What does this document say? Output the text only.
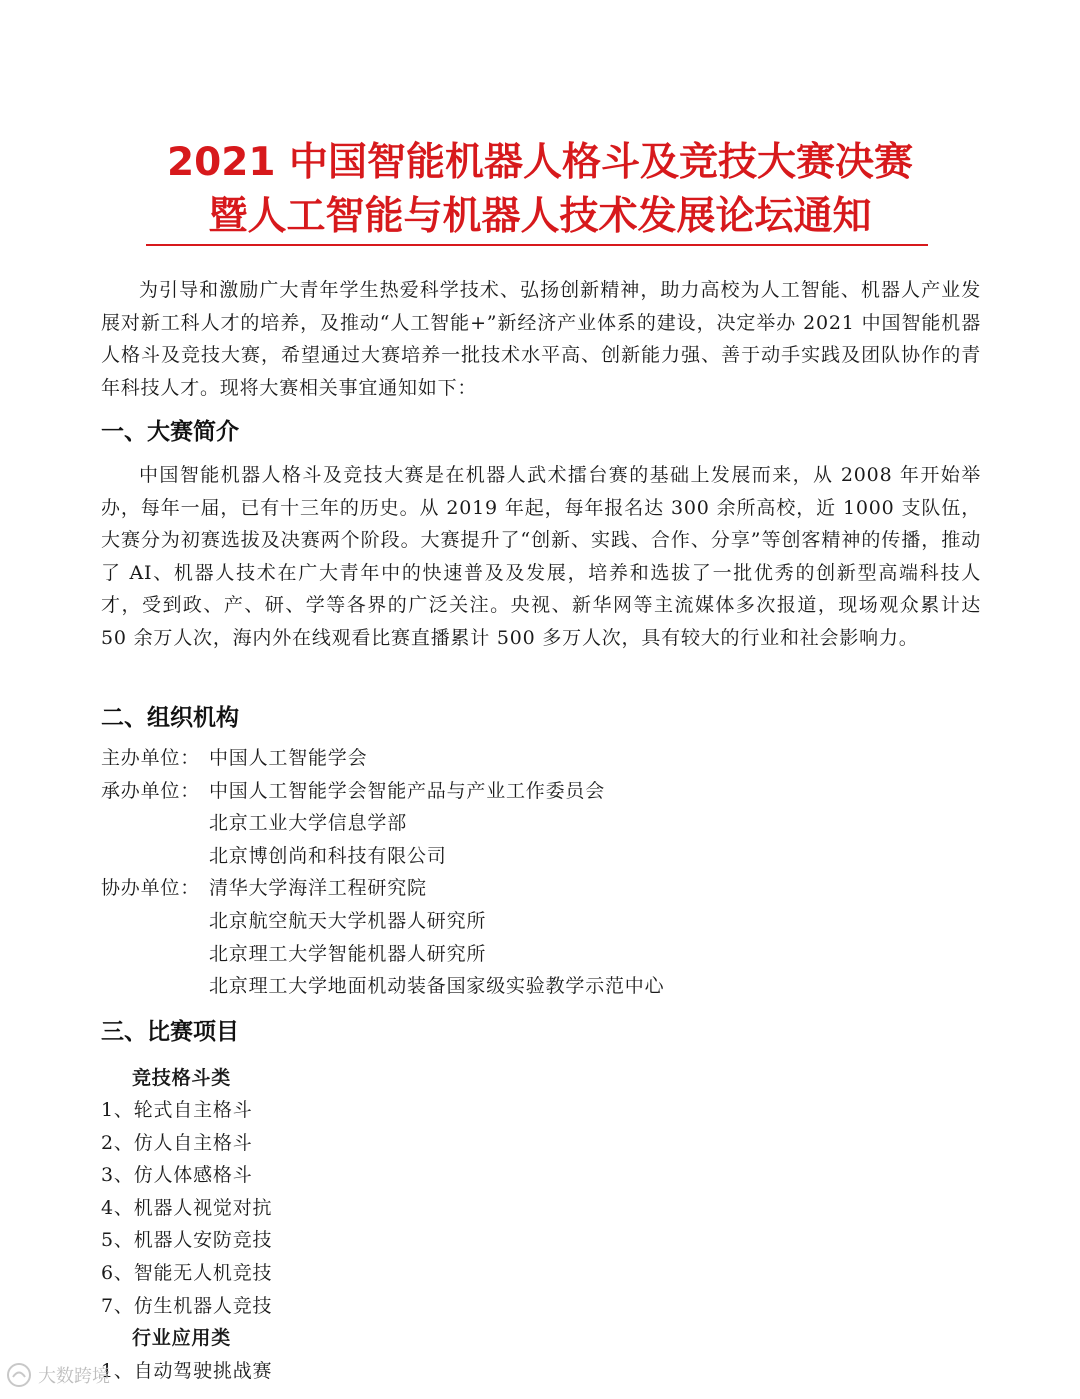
2021 中国智能机器人格斗及竞技大赛决赛
暨人工智能与机器人技术发展论坛通知

为引导和激励广大青年学生热爱科学技术、弘扬创新精神，助力高校为人工智能、机器人产业发展对新工科人才的培养，及推动“人工智能+”新经济产业体系的建设，决定举办 2021 中国智能机器人格斗及竞技大赛，希望通过大赛培养一批技术水平高、创新能力强、善于动手实践及团队协作的青年科技人才。现将大赛相关事宜通知如下：

一、大赛简介

中国智能机器人格斗及竞技大赛是在机器人武术擂台赛的基础上发展而来，从 2008 年开始举办，每年一届，已有十三年的历史。从 2019 年起，每年报名达 300 余所高校，近 1000 支队伍，大赛分为初赛选拔及决赛两个阶段。大赛提升了“创新、实践、合作、分享”等创客精神的传播，推动了 AI、机器人技术在广大青年中的快速普及及发展，培养和选拔了一批优秀的创新型高端科技人才，受到政、产、研、学等各界的广泛关注。央视、新华网等主流媒体多次报道，现场观众累计达 50 余万人次，海内外在线观看比赛直播累计 500 多万人次，具有较大的行业和社会影响力。

二、组织机构
主办单位： 中国人工智能学会
承办单位： 中国人工智能学会智能产品与产业工作委员会
北京工业大学信息学部
北京博创尚和科技有限公司
协办单位： 清华大学海洋工程研究院
北京航空航天大学机器人研究所
北京理工大学智能机器人研究所
北京理工大学地面机动装备国家级实验教学示范中心
三、比赛项目
竞技格斗类
1、轮式自主格斗
2、仿人自主格斗
3、仿人体感格斗
4、机器人视觉对抗
5、机器人安防竞技
6、智能无人机竞技
7、仿生机器人竞技
行业应用类
1、自动驾驶挑战赛
大数跨境
